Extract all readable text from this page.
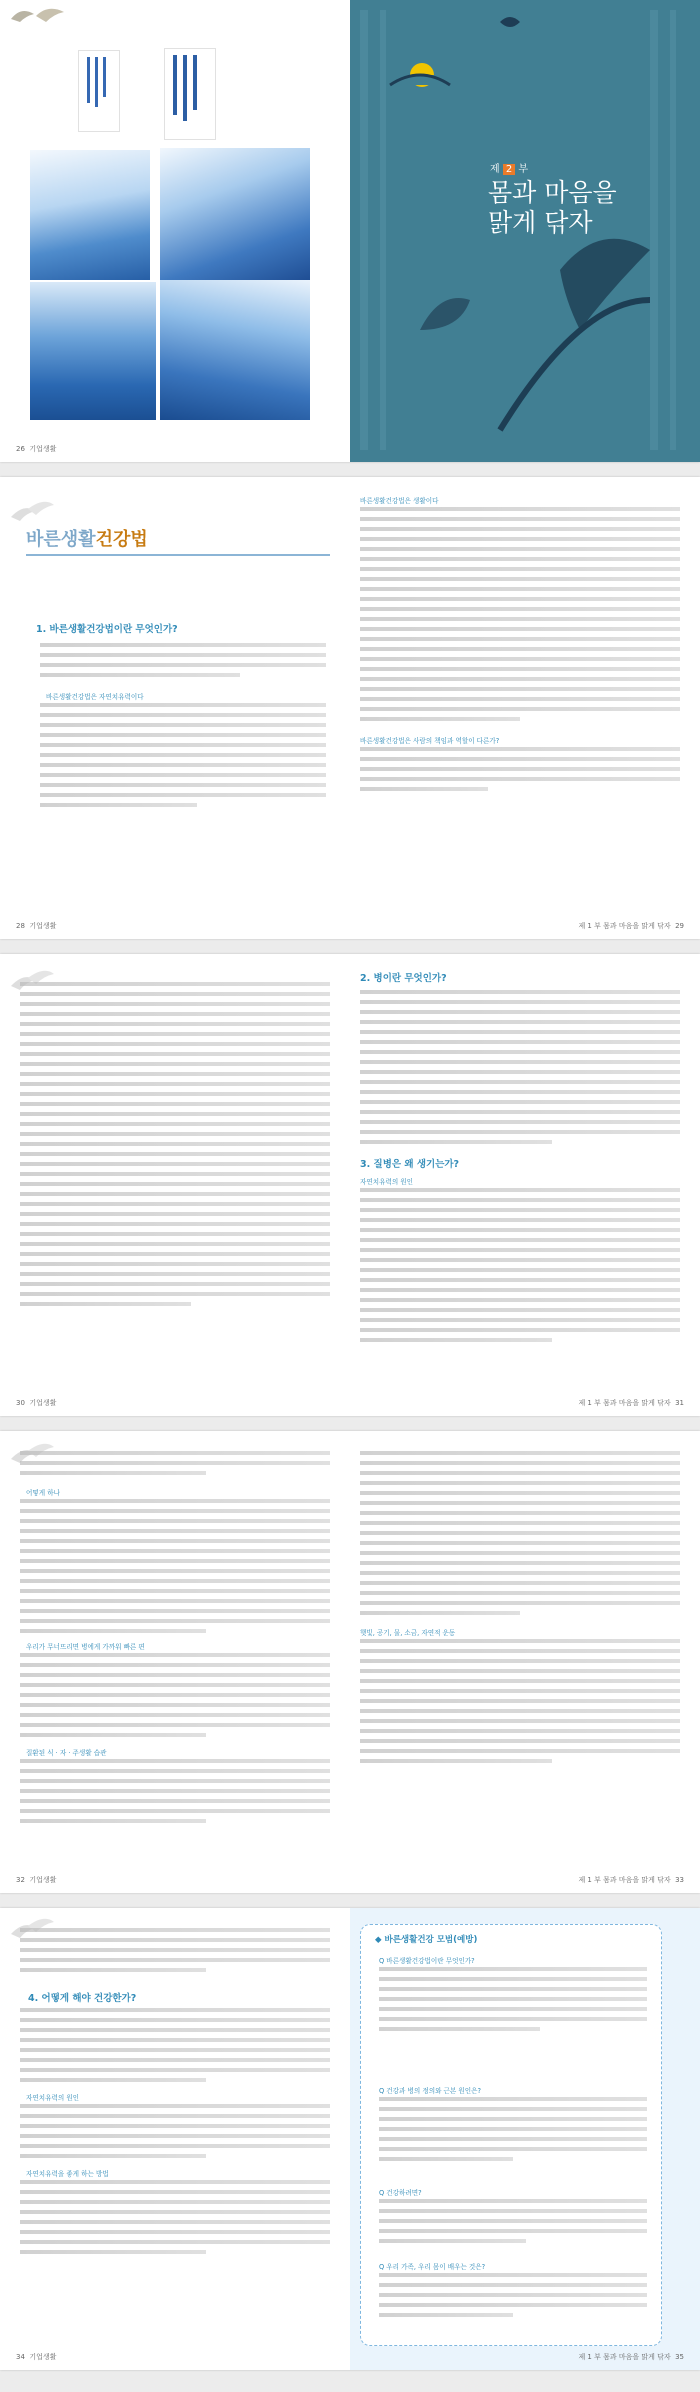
26 기업생활
제 2 부
몸과 마음을
맑게 닦자
바른생활건강법
1. 바른생활건강법이란 무엇인가?
바른생활건강법은 자연치유력이다
28 기업생활
바른생활건강법은 생활이다
바른생활건강법은 사람의 책임과 역할이 다른가?
제 1 부 몸과 마음을 맑게 닦자 29
30 기업생활
2. 병이란 무엇인가?
3. 질병은 왜 생기는가?
자연치유력의 원인
제 1 부 몸과 마음을 맑게 닦자 31
어떻게 하나
우리가 무너뜨리면 병에게 가까워 빠른 편
질환된 식 · 자 · 주생활 습관
32 기업생활
햇빛, 공기, 물, 소금, 자연적 운동
제 1 부 몸과 마음을 맑게 닦자 33
4. 어떻게 해야 건강한가?
자연치유력의 원인
자연치유력을 좋게 하는 방법
34 기업생활
◆ 바른생활건강 모범(예방)
Q 바른생활건강법이란 무엇인가?
Q 건강과 병의 정의와 근본 원인은?
Q 건강하려면?
Q 우리 가족, 우리 몸이 배우는 것은?
제 1 부 몸과 마음을 맑게 닦자 35
